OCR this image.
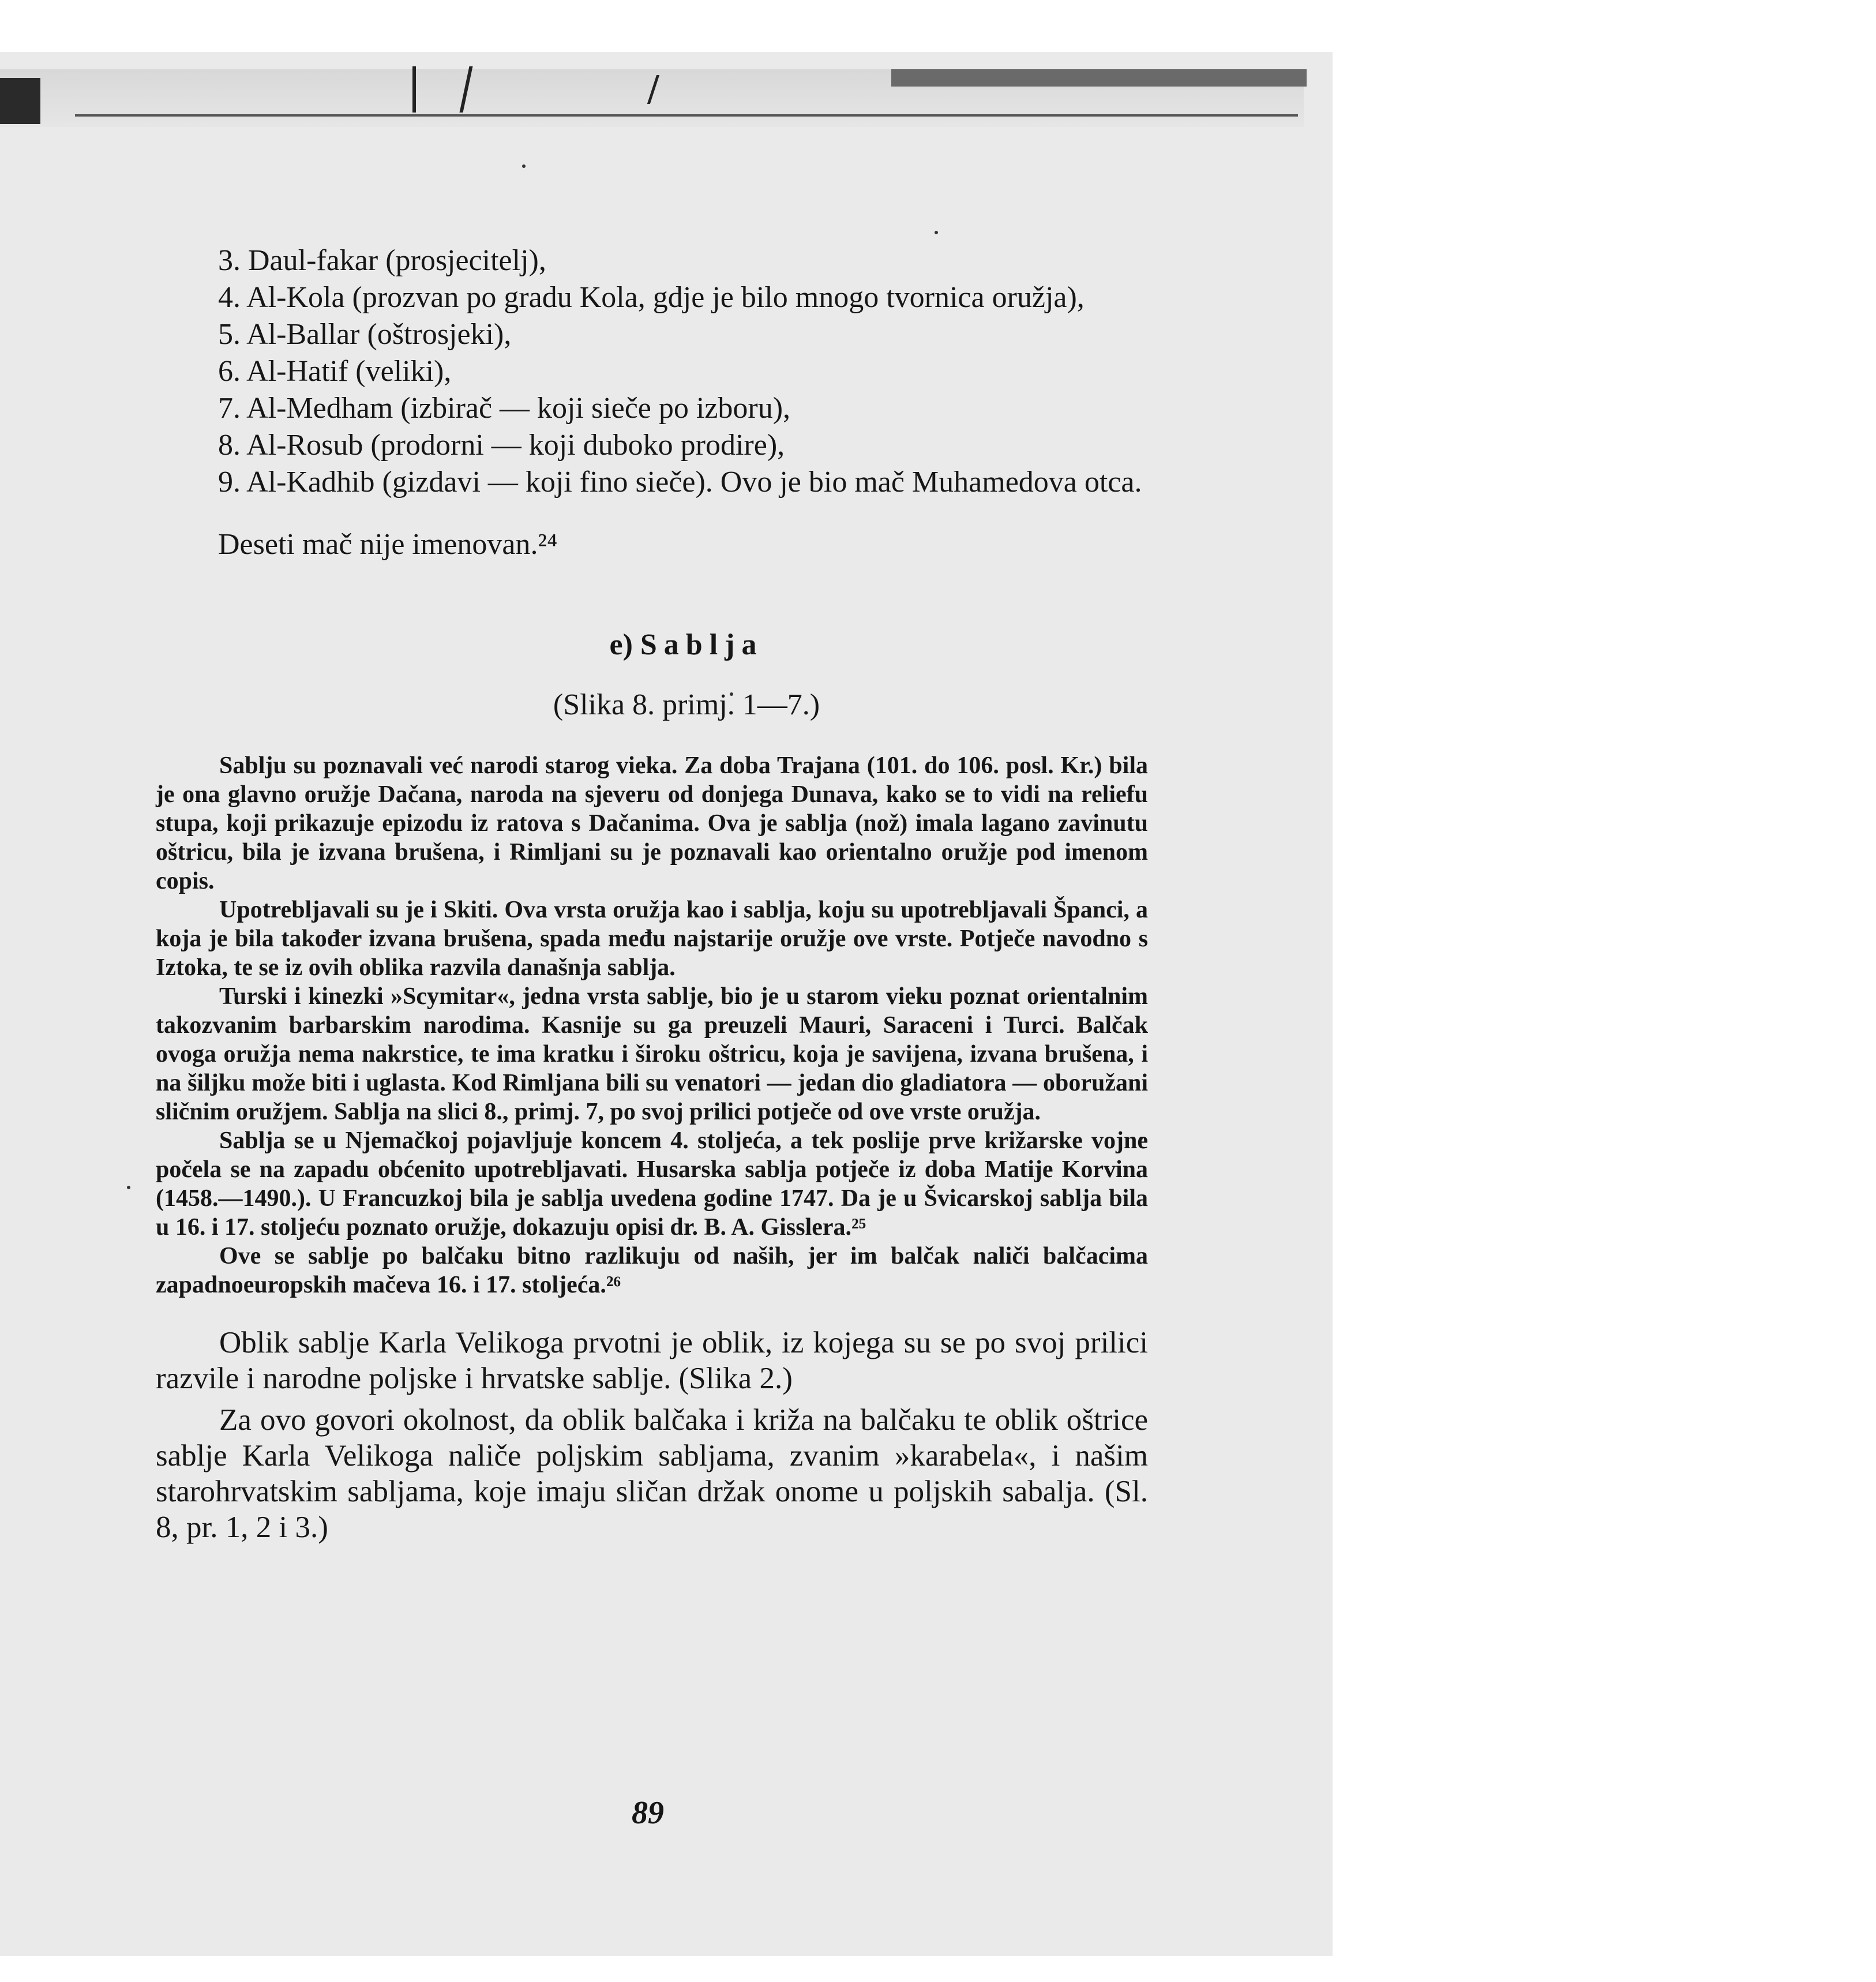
3. Daul-fakar (prosjecitelj),

4. Al-Kola (prozvan po gradu Kola, gdje je bilo mnogo tvornica oružja),

5. Al-Ballar (oštrosjeki),

6. Al-Hatif (veliki),

7. Al-Medham (izbirač — koji sieče po izboru),

8. Al-Rosub (prodorni — koji duboko prodire),

9. Al-Kadhib (gizdavi — koji fino sieče). Ovo je bio mač Muhamedova otca.

Deseti mač nije imenovan.²⁴

e) Sablja

(Slika 8. primj. 1—7.)

Sablju su poznavali već narodi starog vieka. Za doba Trajana (101. do 106. posl. Kr.) bila je ona glavno oružje Dačana, naroda na sjeveru od donjega Dunava, kako se to vidi na reliefu stupa, koji prikazuje epizodu iz ratova s Dačanima. Ova je sablja (nož) imala lagano zavinutu oštricu, bila je izvana brušena, i Rimljani su je poznavali kao orientalno oružje pod imenom copis.

Upotrebljavali su je i Skiti. Ova vrsta oružja kao i sablja, koju su upotrebljavali Španci, a koja je bila također izvana brušena, spada među najstarije oružje ove vrste. Potječe navodno s Iztoka, te se iz ovih oblika razvila današnja sablja.

Turski i kinezki »Scymitar«, jedna vrsta sablje, bio je u starom vieku poznat orientalnim takozvanim barbarskim narodima. Kasnije su ga preuzeli Mauri, Saraceni i Turci. Balčak ovoga oružja nema nakrstice, te ima kratku i široku oštricu, koja je savijena, izvana brušena, i na šiljku može biti i uglasta. Kod Rimljana bili su venatori — jedan dio gladiatora — oboružani sličnim oružjem. Sablja na slici 8., primj. 7, po svoj prilici potječe od ove vrste oružja.

Sablja se u Njemačkoj pojavljuje koncem 4. stoljeća, a tek poslije prve križarske vojne počela se na zapadu obćenito upotrebljavati. Husarska sablja potječe iz doba Matije Korvina (1458.—1490.). U Francuzkoj bila je sablja uvedena godine 1747. Da je u Švicarskoj sablja bila u 16. i 17. stoljeću poznato oružje, dokazuju opisi dr. B. A. Gisslera.²⁵

Ove se sablje po balčaku bitno razlikuju od naših, jer im balčak naliči balčacima zapadnoeuropskih mačeva 16. i 17. stoljeća.²⁶

Oblik sablje Karla Velikoga prvotni je oblik, iz kojega su se po svoj prilici razvile i narodne poljske i hrvatske sablje. (Slika 2.)

Za ovo govori okolnost, da oblik balčaka i križa na balčaku te oblik oštrice sablje Karla Velikoga naliče poljskim sabljama, zvanim »karabela«, i našim starohrvatskim sabljama, koje imaju sličan držak onome u poljskih sabalja. (Sl. 8, pr. 1, 2 i 3.)

89
